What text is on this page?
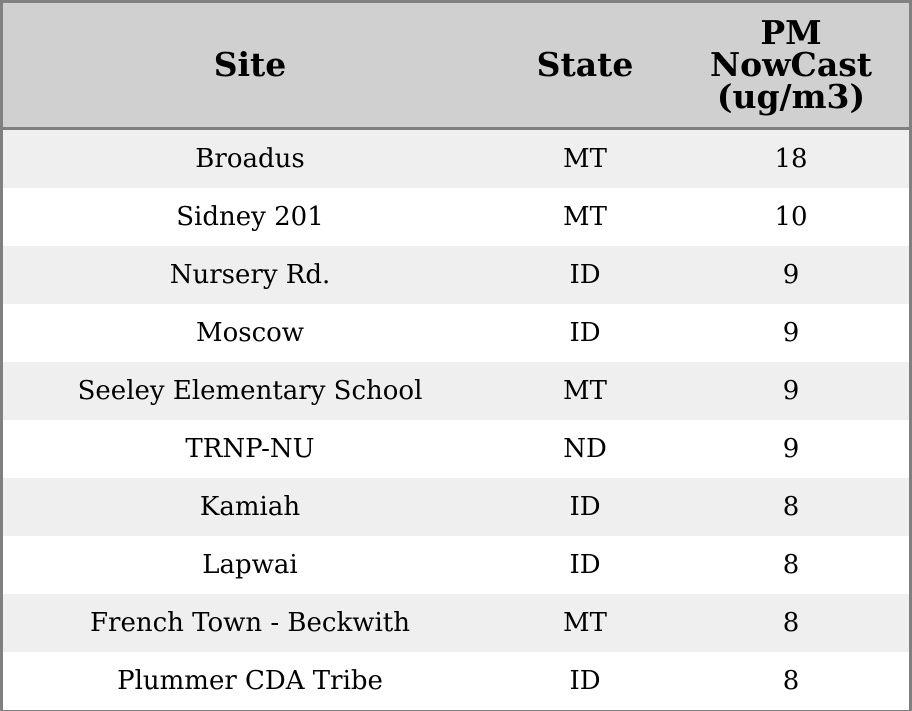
Site	State	PM
NowCast
(ug/m3)

Broadus	MT	18
Sidney 201	MT	10
Nursery Rd.	ID	9
Moscow	ID	9
Seeley Elementary School	MT	9
TRNP-NU	ND	9
Kamiah	ID	8
Lapwai	ID	8
French Town - Beckwith	MT	8
Plummer CDA Tribe	ID	8
